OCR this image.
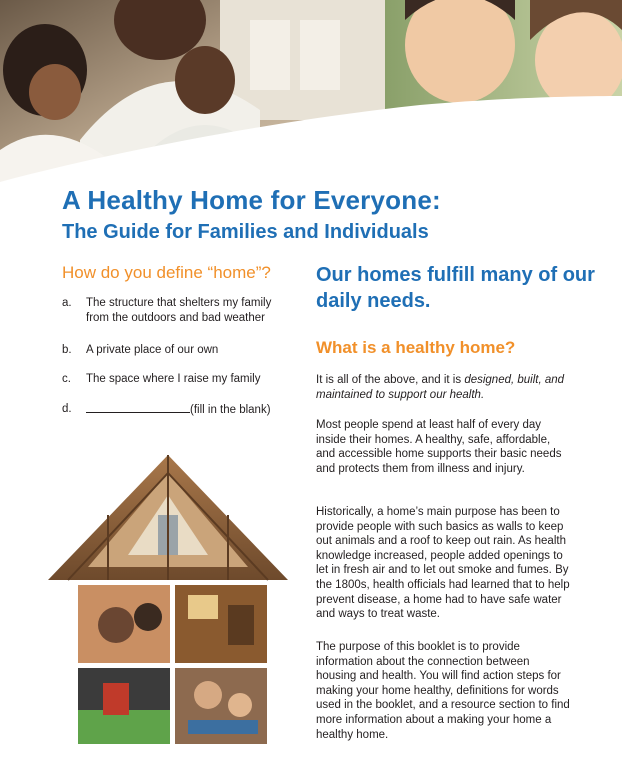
A Healthy Home for Everyone:
The Guide for Families and Individuals
How do you define “home”?
a. The structure that shelters my family from the outdoors and bad weather
b. A private place of our own
c. The space where I raise my family
d.	(fill in the blank)
Our homes fulfill many of our daily needs.
What is a healthy home?
It is all of the above, and it is designed, built, and maintained to support our health.
Most people spend at least half of every day inside their homes. A healthy, safe, affordable, and accessible home supports their basic needs and protects them from illness and injury.
Historically, a home’s main purpose has been to provide people with such basics as walls to keep out animals and a roof to keep out rain. As health knowledge increased, people added openings to let in fresh air and to let out smoke and fumes. By the 1800s, health officials had learned that to help prevent disease, a home had to have safe water and ways to treat waste.
The purpose of this booklet is to provide information about the connection between housing and health. You will find action steps for making your home healthy, definitions for words used in the booklet, and a resource section to find more information about a making your home a healthy home.
